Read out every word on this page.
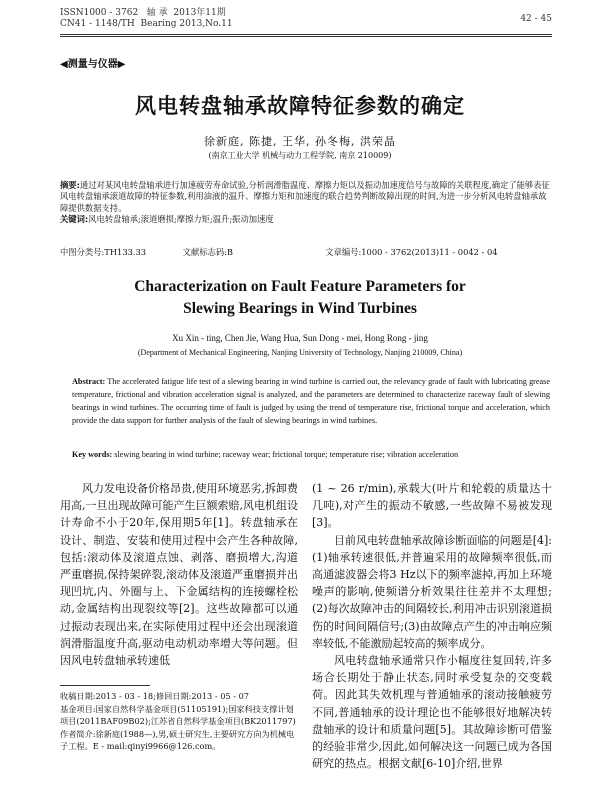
ISSN1000 - 3762 轴 承 2013年11期
CN41 - 1148/TH Bearing 2013,No.11	42 - 45
◀测量与仪器▶
风电转盘轴承故障特征参数的确定
徐新庭, 陈捷, 王华, 孙冬梅, 洪荣晶
(南京工业大学 机械与动力工程学院, 南京 210009)
摘要:通过对某风电转盘轴承进行加速疲劳寿命试验,分析润滑脂温度、摩擦力矩以及振动加速度信号与故障的关联程度,确定了能够表征风电转盘轴承滚道故障的特征参数,利用油液的温升、摩擦力矩和加速度的联合趋势判断故障出现的时间,为进一步分析风电转盘轴承故障提供数据支持。
关键词:风电转盘轴承;滚道磨损;摩擦力矩;温升;振动加速度
中图分类号:TH133.33	文献标志码:B	文章编号:1000 - 3762(2013)11 - 0042 - 04
Characterization on Fault Feature Parameters for Slewing Bearings in Wind Turbines
Xu Xin - ting, Chen Jie, Wang Hua, Sun Dong - mei, Hong Rong - jing
(Department of Mechanical Engineering, Nanjing University of Technology, Nanjing 210009, China)
Abstract: The accelerated fatigue life test of a slewing bearing in wind turbine is carried out, the relevancy grade of fault with lubricating grease temperature, frictional and vibration acceleration signal is analyzed, and the parameters are determined to characterize raceway fault of slewing bearings in wind turbines. The occurring time of fault is judged by using the trend of temperature rise, frictional torque and acceleration, which provide the data support for further analysis of the fault of slewing bearings in wind turbines.
Key words: slewing bearing in wind turbine; raceway wear; frictional torque; temperature rise; vibration acceleration

风力发电设备价格昂贵,使用环境恶劣,拆卸费用高,一旦出现故障可能产生巨额索赔,风电机组设计寿命不小于20年,保用期5年[1]。转盘轴承在设计、制造、安装和使用过程中会产生各种故障,包括:滚动体及滚道点蚀、剥落、磨损增大,沟道严重磨损,保持架碎裂,滚动体及滚道严重磨损并出现凹坑,内、外圈与上、下金属结构的连接螺栓松动,金属结构出现裂纹等[2]。这些故障都可以通过振动表现出来,在实际使用过程中还会出现滚道润滑脂温度升高,驱动电动机动率增大等问题。但因风电转盘轴承转速低

收稿日期:2013 - 03 - 18;修回日期:2013 - 05 - 07
基金项目:国家自然科学基金项目(51105191);国家科技支撑计划项目(2011BAF09B02);江苏省自然科学基金项目(BK2011797)
作者简介:徐新庭(1988—),男,硕士研究生,主要研究方向为机械电子工程。E - mail:qinyi9966@126.com。

(1 ~ 26 r/min),承载大(叶片和轮毂的质量达十几吨),对产生的振动不敏感,一些故障不易被发现[3]。

目前风电转盘轴承故障诊断面临的问题是[4]:(1)轴承转速很低,并普遍采用的故障频率很低,而高通滤波器会将3 Hz以下的频率滤掉,再加上环境噪声的影响,使频谱分析效果往往差并不太理想;(2)每次故障冲击的间隔较长,利用冲击识别滚道损伤的时间间隔信号;(3)由故障点产生的冲击响应频率较低,不能激励起较高的频率成分。

风电转盘轴承通常只作小幅度往复回转,许多场合长期处于静止状态,同时承受复杂的交变载荷。因此其失效机理与普通轴承的滚动接触疲劳不同,普通轴承的设计理论也不能够很好地解决转盘轴承的设计和质量问题[5]。其故障诊断可借鉴的经验非常少,因此,如何解决这一问题已成为各国研究的热点。根据文献[6-10]介绍,世界
